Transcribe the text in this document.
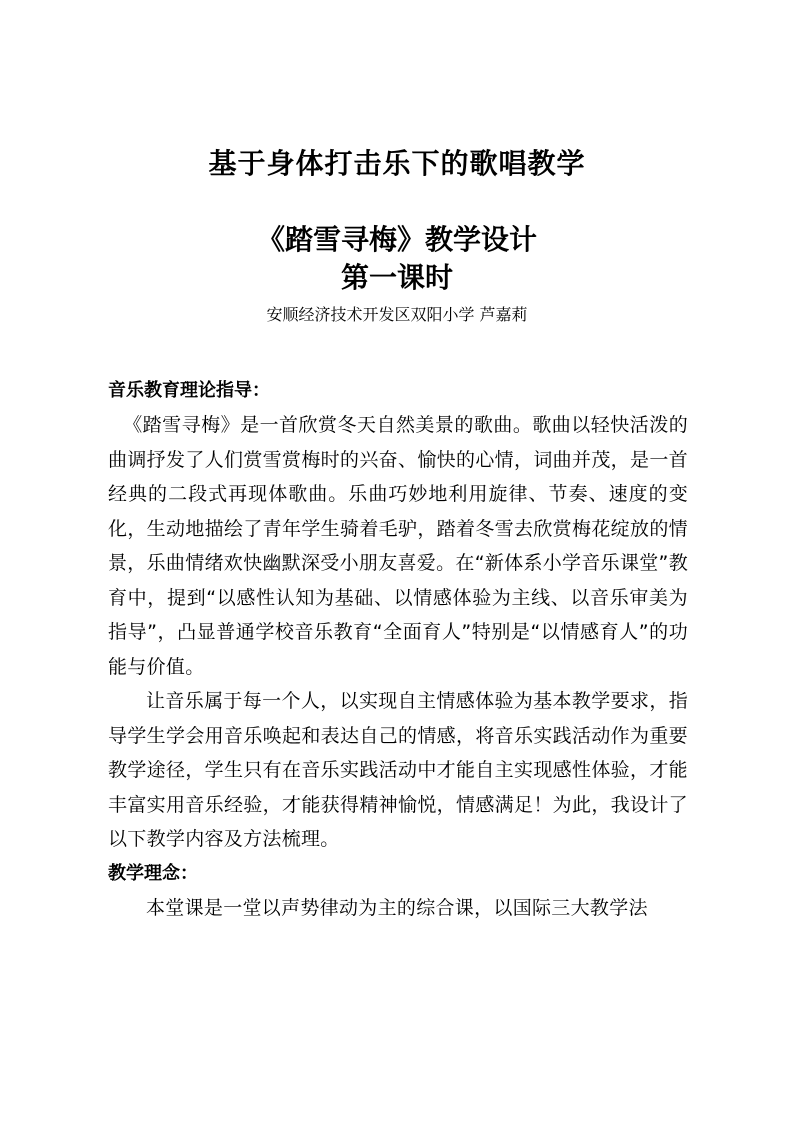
基于身体打击乐下的歌唱教学
《踏雪寻梅》教学设计
第一课时
安顺经济技术开发区双阳小学 芦嘉莉

音乐教育理论指导：

《踏雪寻梅》是一首欣赏冬天自然美景的歌曲。歌曲以轻快活泼的曲调抒发了人们赏雪赏梅时的兴奋、愉快的心情，词曲并茂，是一首经典的二段式再现体歌曲。乐曲巧妙地利用旋律、节奏、速度的变化，生动地描绘了青年学生骑着毛驴，踏着冬雪去欣赏梅花绽放的情景，乐曲情绪欢快幽默深受小朋友喜爱。在“新体系小学音乐课堂”教育中，提到“以感性认知为基础、以情感体验为主线、以音乐审美为指导”，凸显普通学校音乐教育“全面育人”特别是“以情感育人”的功能与价值。

让音乐属于每一个人，以实现自主情感体验为基本教学要求，指导学生学会用音乐唤起和表达自己的情感，将音乐实践活动作为重要教学途径，学生只有在音乐实践活动中才能自主实现感性体验，才能丰富实用音乐经验，才能获得精神愉悦，情感满足！为此，我设计了以下教学内容及方法梳理。

教学理念：

本堂课是一堂以声势律动为主的综合课，以国际三大教学法
